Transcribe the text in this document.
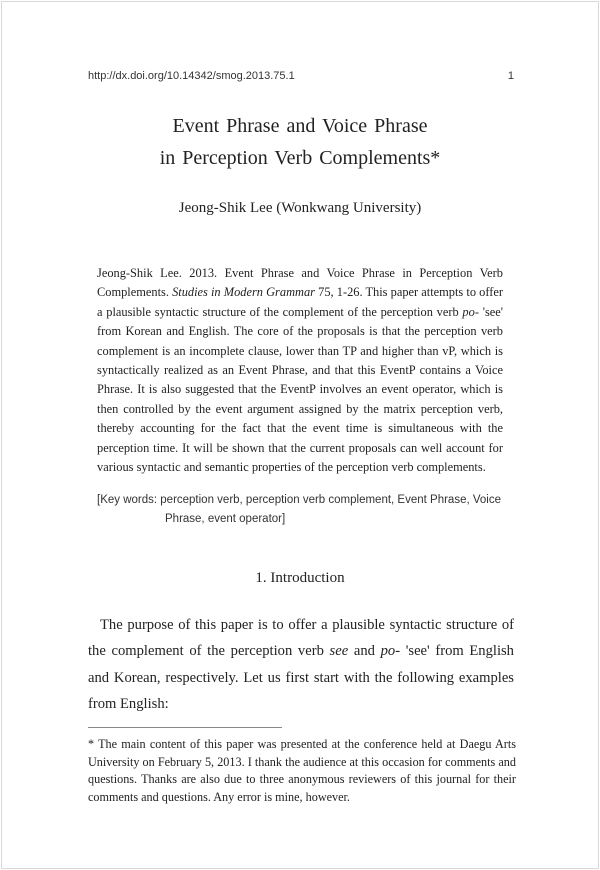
http://dx.doi.org/10.14342/smog.2013.75.1	1
Event Phrase and Voice Phrase
in Perception Verb Complements*
Jeong-Shik Lee (Wonkwang University)
Jeong-Shik Lee. 2013. Event Phrase and Voice Phrase in Perception Verb Complements. Studies in Modern Grammar 75, 1-26. This paper attempts to offer a plausible syntactic structure of the complement of the perception verb po- 'see' from Korean and English. The core of the proposals is that the perception verb complement is an incomplete clause, lower than TP and higher than vP, which is syntactically realized as an Event Phrase, and that this EventP contains a Voice Phrase. It is also suggested that the EventP involves an event operator, which is then controlled by the event argument assigned by the matrix perception verb, thereby accounting for the fact that the event time is simultaneous with the perception time. It will be shown that the current proposals can well account for various syntactic and semantic properties of the perception verb complements.
[Key words: perception verb, perception verb complement, Event Phrase, Voice
Phrase, event operator]
1. Introduction
The purpose of this paper is to offer a plausible syntactic structure of the complement of the perception verb see and po- 'see' from English and Korean, respectively. Let us first start with the following examples from English:
* The main content of this paper was presented at the conference held at Daegu Arts University on February 5, 2013. I thank the audience at this occasion for comments and questions. Thanks are also due to three anonymous reviewers of this journal for their comments and questions. Any error is mine, however.
